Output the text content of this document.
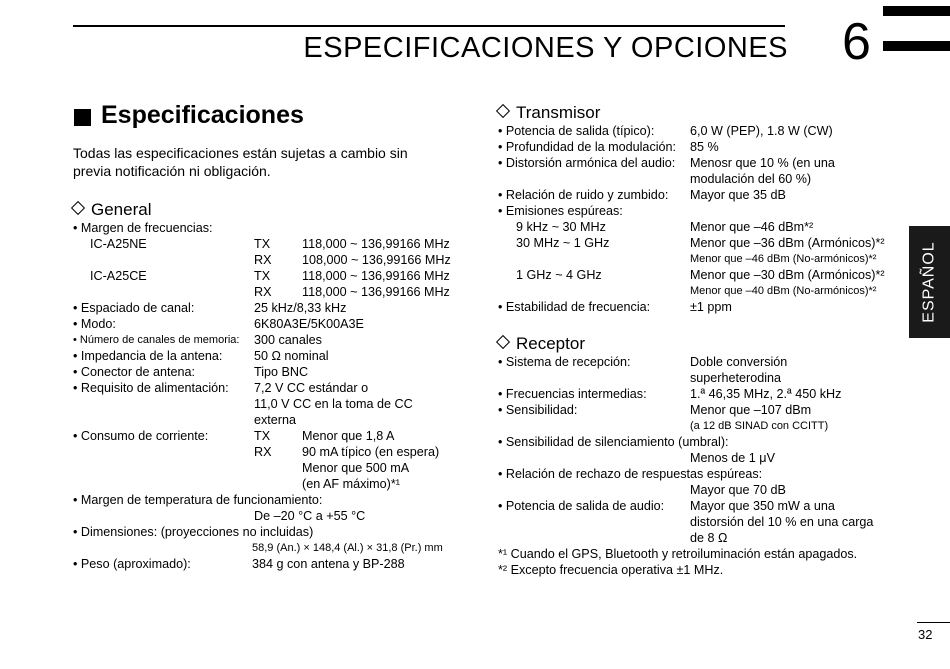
ESPECIFICACIONES Y OPCIONES 6
ESPAÑOL
Especificaciones
Todas las especificaciones están sujetas a cambio sin
previa notificación ni obligación.
General
• Margen de frecuencias:
IC-A25NE	TX	118,000 ~ 136,99166 MHz
RX 108,000 ~ 136,99166 MHz
IC-A25CE	TX	118,000 ~ 136,99166 MHz
RX 118,000 ~ 136,99166 MHz
• Espaciado de canal:	25 kHz/8,33 kHz
• Modo:	6K80A3E/5K00A3E
• Número de canales de memoria: 300 canales
• Impedancia de la antena:	50 Ω nominal
• Conector de antena:	Tipo BNC
• Requisito de alimentación: 7,2 V CC estándar o
11,0 V CC en la toma de CC
externa
• Consumo de corriente:	TX	Menor que 1,8 A
RX 90 mA típico (en espera)
Menor que 500 mA
(en AF máximo)*¹
• Margen de temperatura de funcionamiento:
De –20 °C a +55 °C
• Dimensiones: (proyecciones no incluidas)
58,9 (An.) × 148,4 (Al.) × 31,8 (Pr.) mm
• Peso (aproximado):	384 g con antena y BP-288
Transmisor
• Potencia de salida (típico):	6,0 W (PEP), 1.8 W (CW)
• Profundidad de la modulación: 85 %
• Distorsión armónica del audio: Menosr que 10 % (en una
modulación del 60 %)
• Relación de ruido y zumbido: Mayor que 35 dB
• Emisiones espúreas:
9 kHz ~ 30 MHz	Menor que –46 dBm*²
30 MHz ~ 1 GHz	Menor que –36 dBm (Armónicos)*²
Menor que –46 dBm (No-armónicos)*²
1 GHz ~ 4 GHz	Menor que –30 dBm (Armónicos)*²
Menor que –40 dBm (No-armónicos)*²
• Estabilidad de frecuencia:	±1 ppm
Receptor
• Sistema de recepción:	Doble conversión
superheterodina
• Frecuencias intermedias:	1.ª 46,35 MHz, 2.ª 450 kHz
• Sensibilidad:	Menor que –107 dBm
(a 12 dB SINAD con CCITT)
• Sensibilidad de silenciamiento (umbral):
Menos de 1 μV
• Relación de rechazo de respuestas espúreas:
Mayor que 70 dB
• Potencia de salida de audio: Mayor que 350 mW a una
distorsión del 10 % en una carga
de 8 Ω
*¹ Cuando el GPS, Bluetooth y retroiluminación están apagados.
*² Excepto frecuencia operativa ±1 MHz.
32
